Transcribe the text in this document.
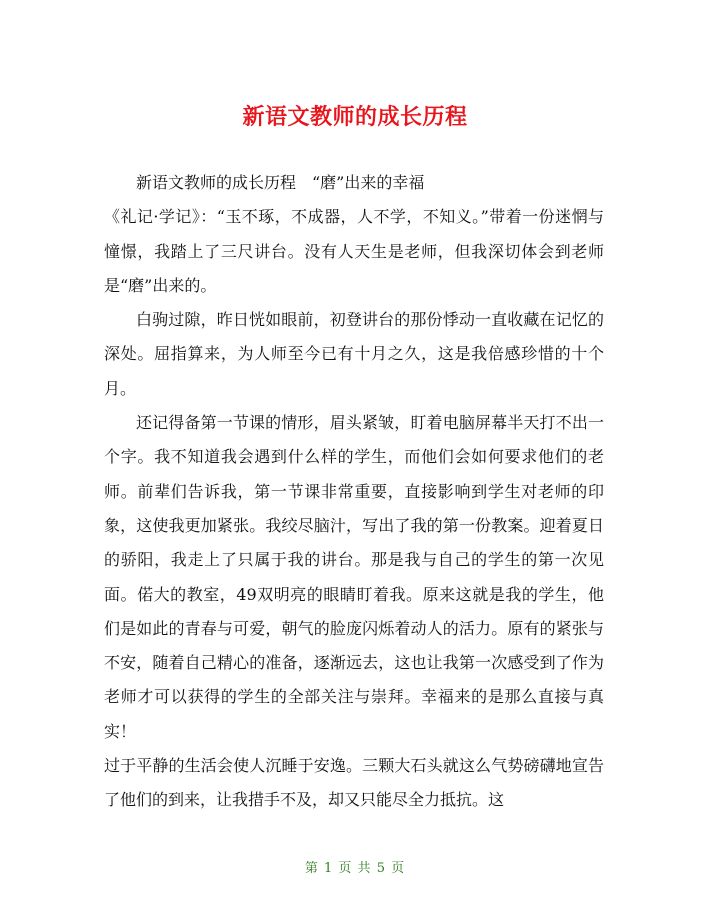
新语文教师的成长历程

新语文教师的成长历程　“磨”出来的幸福

《礼记·学记》：“玉不琢，不成器，人不学，不知义。”带着一份迷惘与憧憬，我踏上了三尺讲台。没有人天生是老师，但我深切体会到老师是“磨”出来的。

白驹过隙，昨日恍如眼前，初登讲台的那份悸动一直收藏在记忆的深处。屈指算来，为人师至今已有十月之久，这是我倍感珍惜的十个月。

还记得备第一节课的情形，眉头紧皱，盯着电脑屏幕半天打不出一个字。我不知道我会遇到什么样的学生，而他们会如何要求他们的老师。前辈们告诉我，第一节课非常重要，直接影响到学生对老师的印象，这使我更加紧张。我绞尽脑汁，写出了我的第一份教案。迎着夏日的骄阳，我走上了只属于我的讲台。那是我与自己的学生的第一次见面。偌大的教室，49双明亮的眼睛盯着我。原来这就是我的学生，他们是如此的青春与可爱，朝气的脸庞闪烁着动人的活力。原有的紧张与不安，随着自己精心的准备，逐渐远去，这也让我第一次感受到了作为老师才可以获得的学生的全部关注与崇拜。幸福来的是那么直接与真实！

过于平静的生活会使人沉睡于安逸。三颗大石头就这么气势磅礴地宣告了他们的到来，让我措手不及，却又只能尽全力抵抗。这

第 1 页 共 5 页
